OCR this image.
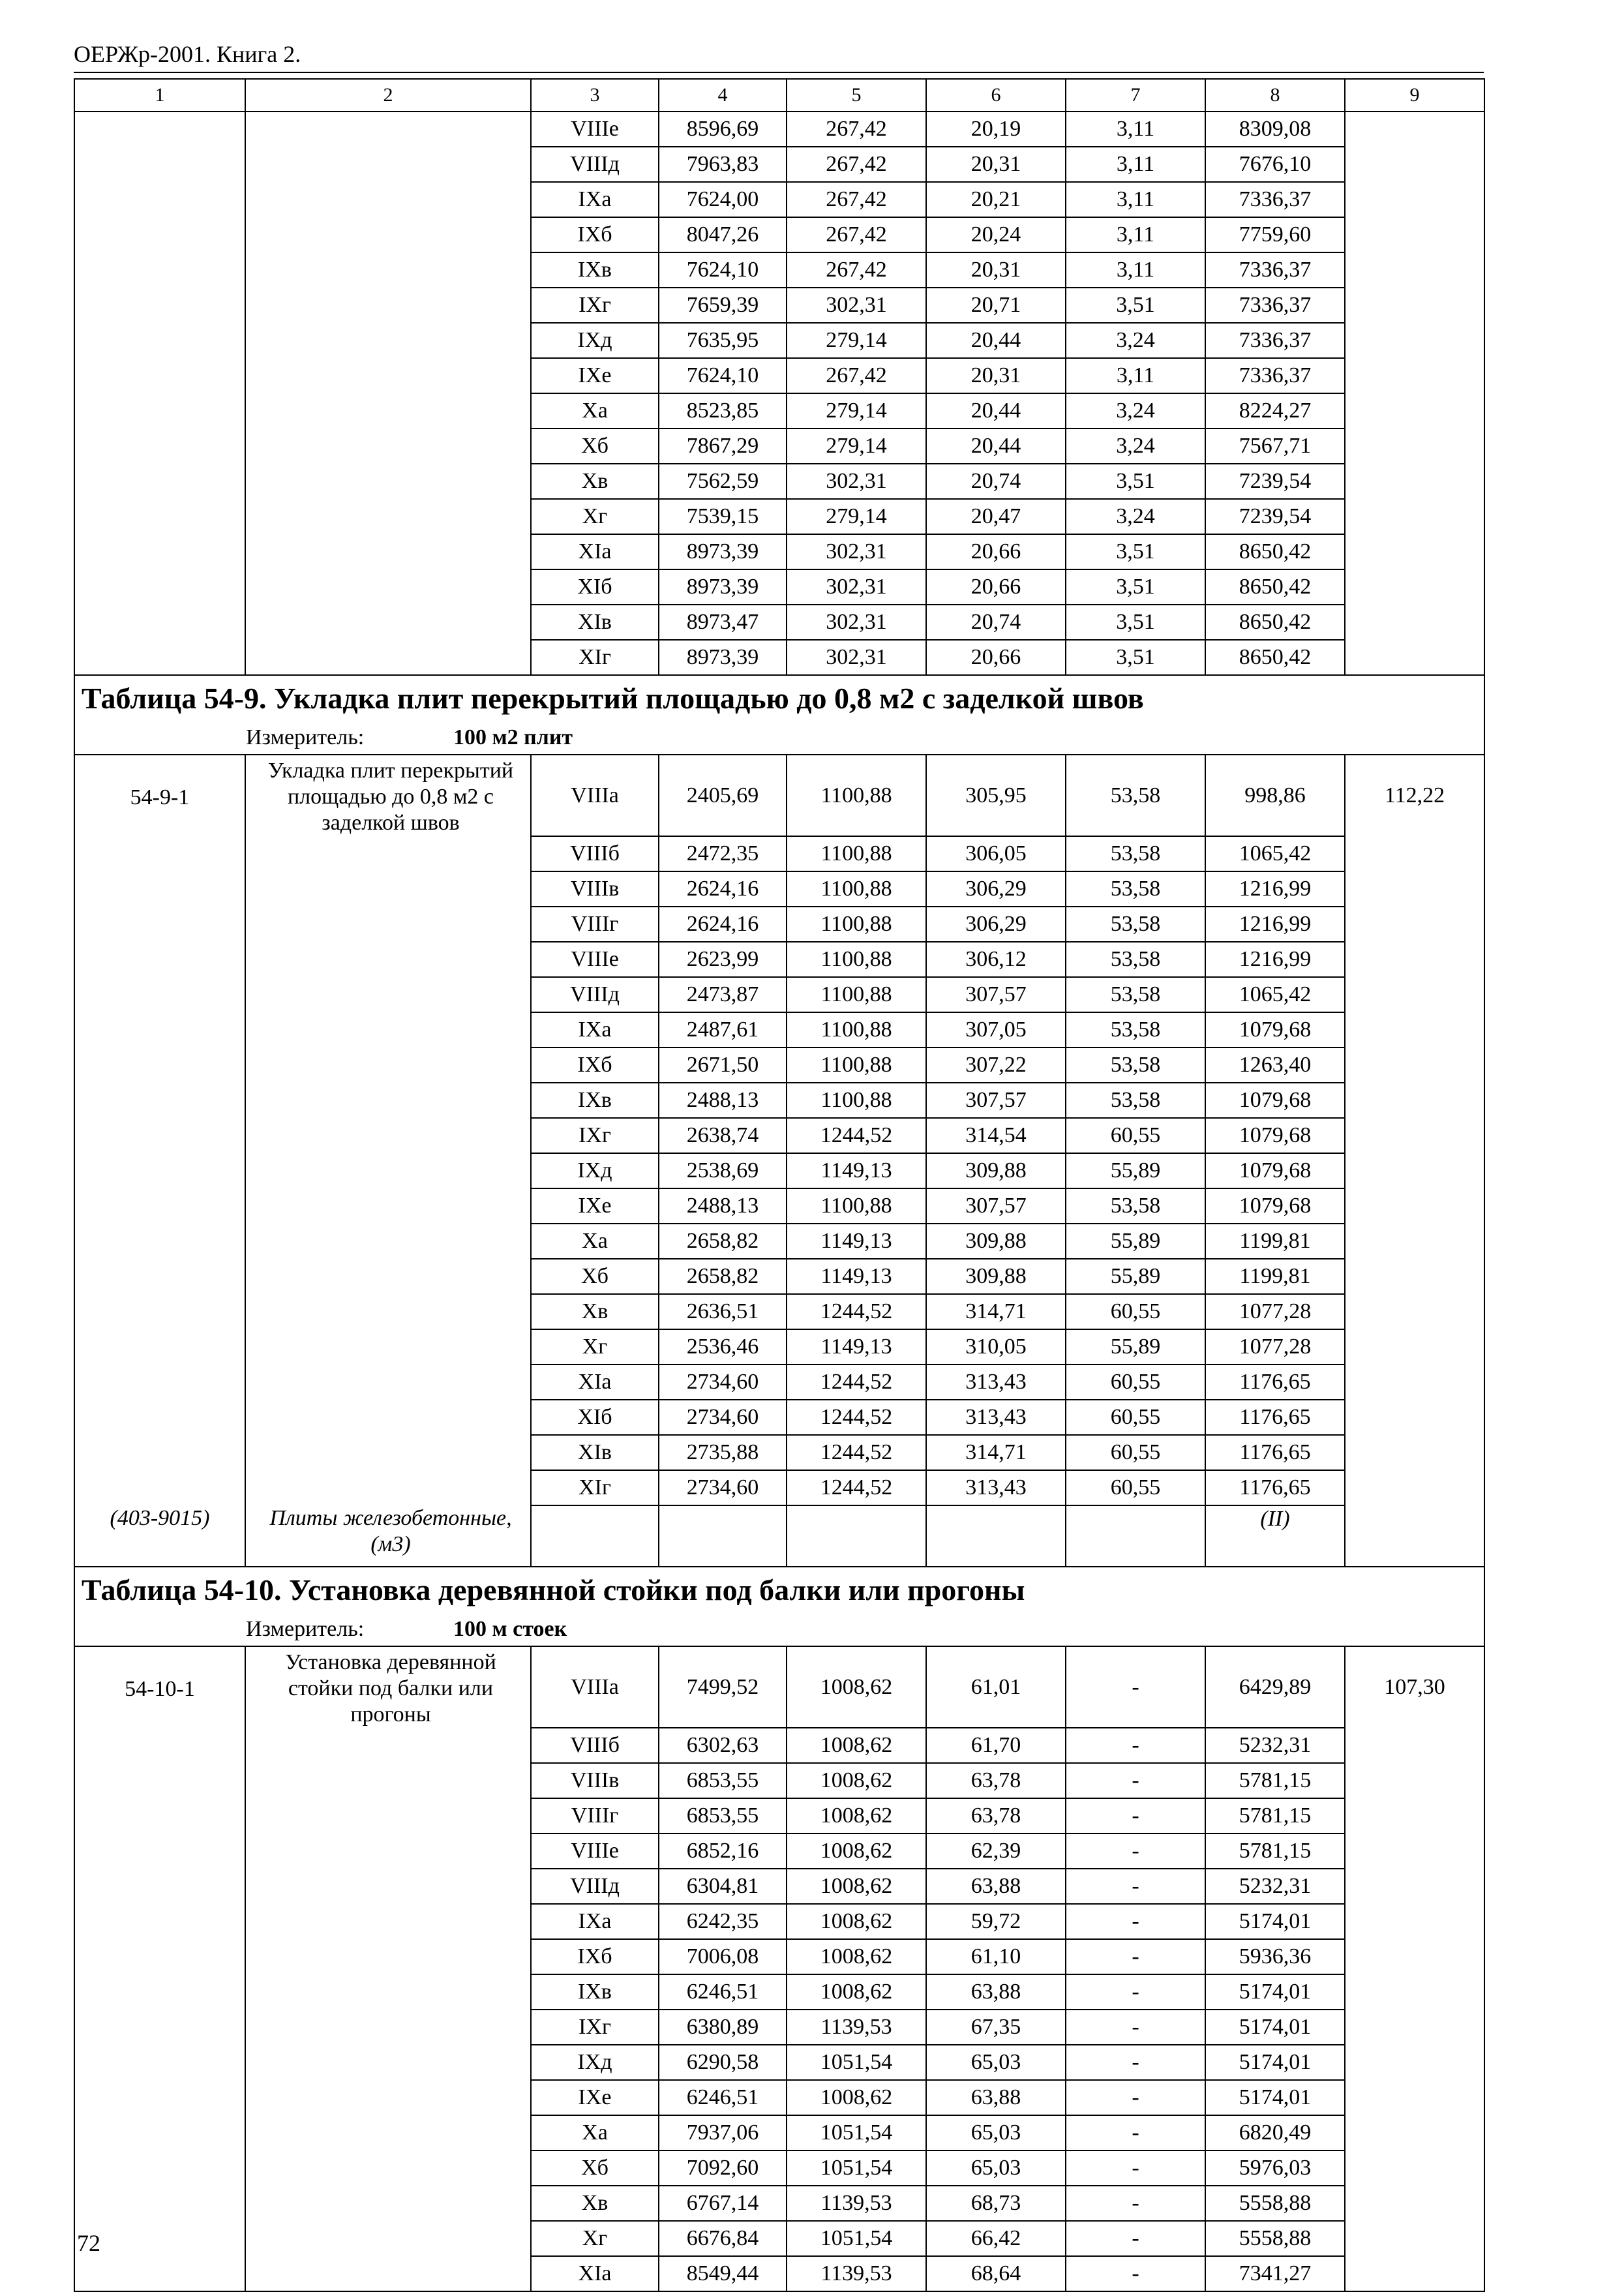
ОЕРЖр-2001. Книга 2.
1	2	3	4	5	6	7	8	9
		VIIIе	8596,69	267,42	20,19	3,11	8309,08	
		VIIIд	7963,83	267,42	20,31	3,11	7676,10	
		IXа	7624,00	267,42	20,21	3,11	7336,37	
		IXб	8047,26	267,42	20,24	3,11	7759,60	
		IXв	7624,10	267,42	20,31	3,11	7336,37	
		IXг	7659,39	302,31	20,71	3,51	7336,37	
		IXд	7635,95	279,14	20,44	3,24	7336,37	
		IXе	7624,10	267,42	20,31	3,11	7336,37	
		Xа	8523,85	279,14	20,44	3,24	8224,27	
		Xб	7867,29	279,14	20,44	3,24	7567,71	
		Xв	7562,59	302,31	20,74	3,51	7239,54	
		Xг	7539,15	279,14	20,47	3,24	7239,54	
		XIа	8973,39	302,31	20,66	3,51	8650,42	
		XIб	8973,39	302,31	20,66	3,51	8650,42	
		XIв	8973,47	302,31	20,74	3,51	8650,42	
		XIг	8973,39	302,31	20,66	3,51	8650,42	
Таблица 54-9. Укладка плит перекрытий площадью до 0,8 м2 с заделкой швов								
Измеритель: 100 м2 плит								

54-9-1	Укладка плит перекрытий площадью до 0,8 м2 с заделкой швов	VIIIа	2405,69	1100,88	305,95	53,58	998,86	112,22
		VIIIб	2472,35	1100,88	306,05	53,58	1065,42	
		VIIIв	2624,16	1100,88	306,29	53,58	1216,99	
		VIIIг	2624,16	1100,88	306,29	53,58	1216,99	
		VIIIе	2623,99	1100,88	306,12	53,58	1216,99	
		VIIIд	2473,87	1100,88	307,57	53,58	1065,42	
		IXа	2487,61	1100,88	307,05	53,58	1079,68	
		IXб	2671,50	1100,88	307,22	53,58	1263,40	
		IXв	2488,13	1100,88	307,57	53,58	1079,68	
		IXг	2638,74	1244,52	314,54	60,55	1079,68	
		IXд	2538,69	1149,13	309,88	55,89	1079,68	
		IXе	2488,13	1100,88	307,57	53,58	1079,68	
		Xа	2658,82	1149,13	309,88	55,89	1199,81	
		Xб	2658,82	1149,13	309,88	55,89	1199,81	
		Xв	2636,51	1244,52	314,71	60,55	1077,28	
		Xг	2536,46	1149,13	310,05	55,89	1077,28	
		XIа	2734,60	1244,52	313,43	60,55	1176,65	
		XIб	2734,60	1244,52	313,43	60,55	1176,65	
		XIв	2735,88	1244,52	314,71	60,55	1176,65	
		XIг	2734,60	1244,52	313,43	60,55	1176,65	
(403-9015)	Плиты железобетонные, (м3)						(II)	
Таблица 54-10. Установка деревянной стойки под балки или прогоны								
Измеритель: 100 м стоек								

54-10-1	Установка деревянной стойки под балки или прогоны	VIIIа	7499,52	1008,62	61,01	-	6429,89	107,30
		VIIIб	6302,63	1008,62	61,70	-	5232,31	
		VIIIв	6853,55	1008,62	63,78	-	5781,15	
		VIIIг	6853,55	1008,62	63,78	-	5781,15	
		VIIIе	6852,16	1008,62	62,39	-	5781,15	
		VIIIд	6304,81	1008,62	63,88	-	5232,31	
		IXа	6242,35	1008,62	59,72	-	5174,01	
		IXб	7006,08	1008,62	61,10	-	5936,36	
		IXв	6246,51	1008,62	63,88	-	5174,01	
		IXг	6380,89	1139,53	67,35	-	5174,01	
		IXд	6290,58	1051,54	65,03	-	5174,01	
		IXе	6246,51	1008,62	63,88	-	5174,01	
		Xа	7937,06	1051,54	65,03	-	6820,49	
		Xб	7092,60	1051,54	65,03	-	5976,03	
		Xв	6767,14	1139,53	68,73	-	5558,88	
		Xг	6676,84	1051,54	66,42	-	5558,88	
		XIа	8549,44	1139,53	68,64	-	7341,27	
72
